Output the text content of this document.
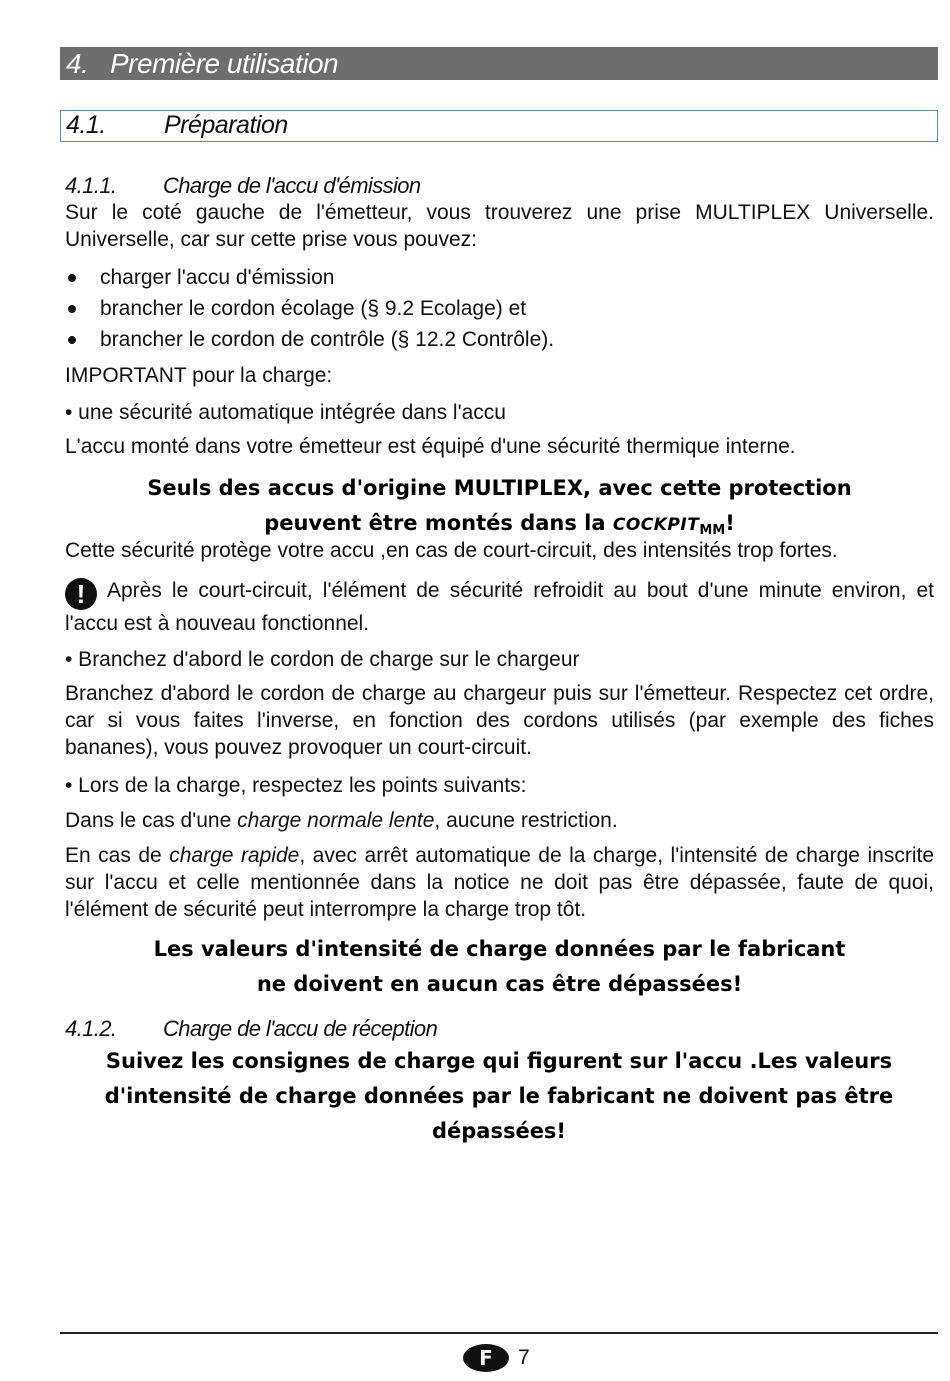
4. Première utilisation
4.1. Préparation
4.1.1. Charge de l'accu d'émission
Sur le coté gauche de l'émetteur, vous trouverez une prise MULTIPLEX Universelle. Universelle, car sur cette prise vous pouvez:
charger l'accu d'émission
brancher le cordon écolage (§ 9.2 Ecolage) et
brancher le cordon de contrôle (§ 12.2 Contrôle).
IMPORTANT pour la charge:
• une sécurité automatique intégrée dans l'accu
L'accu monté dans votre émetteur est équipé d'une sécurité thermique interne.
Seuls des accus d'origine MULTIPLEX, avec cette protection
peuvent être montés dans la $COCKPIT_{MM}$!
Cette sécurité protège votre accu ,en cas de court-circuit, des intensités trop fortes.
! Après le court-circuit, l'élément de sécurité refroidit au bout d'une minute environ, et l'accu est à nouveau fonctionnel.
• Branchez d'abord le cordon de charge sur le chargeur
Branchez d'abord le cordon de charge au chargeur puis sur l'émetteur. Respectez cet ordre, car si vous faites l'inverse, en fonction des cordons utilisés (par exemple des fiches bananes), vous pouvez provoquer un court-circuit.
• Lors de la charge, respectez les points suivants:
Dans le cas d'une charge normale lente, aucune restriction.
En cas de charge rapide, avec arrêt automatique de la charge, l'intensité de charge inscrite sur l'accu et celle mentionnée dans la notice ne doit pas être dépassée, faute de quoi, l'élément de sécurité peut interrompre la charge trop tôt.
Les valeurs d'intensité de charge données par le fabricant
ne doivent en aucun cas être dépassées!
4.1.2. Charge de l'accu de réception
Suivez les consignes de charge qui figurent sur l'accu .Les valeurs d'intensité de charge données par le fabricant ne doivent pas être dépassées!
F	7
